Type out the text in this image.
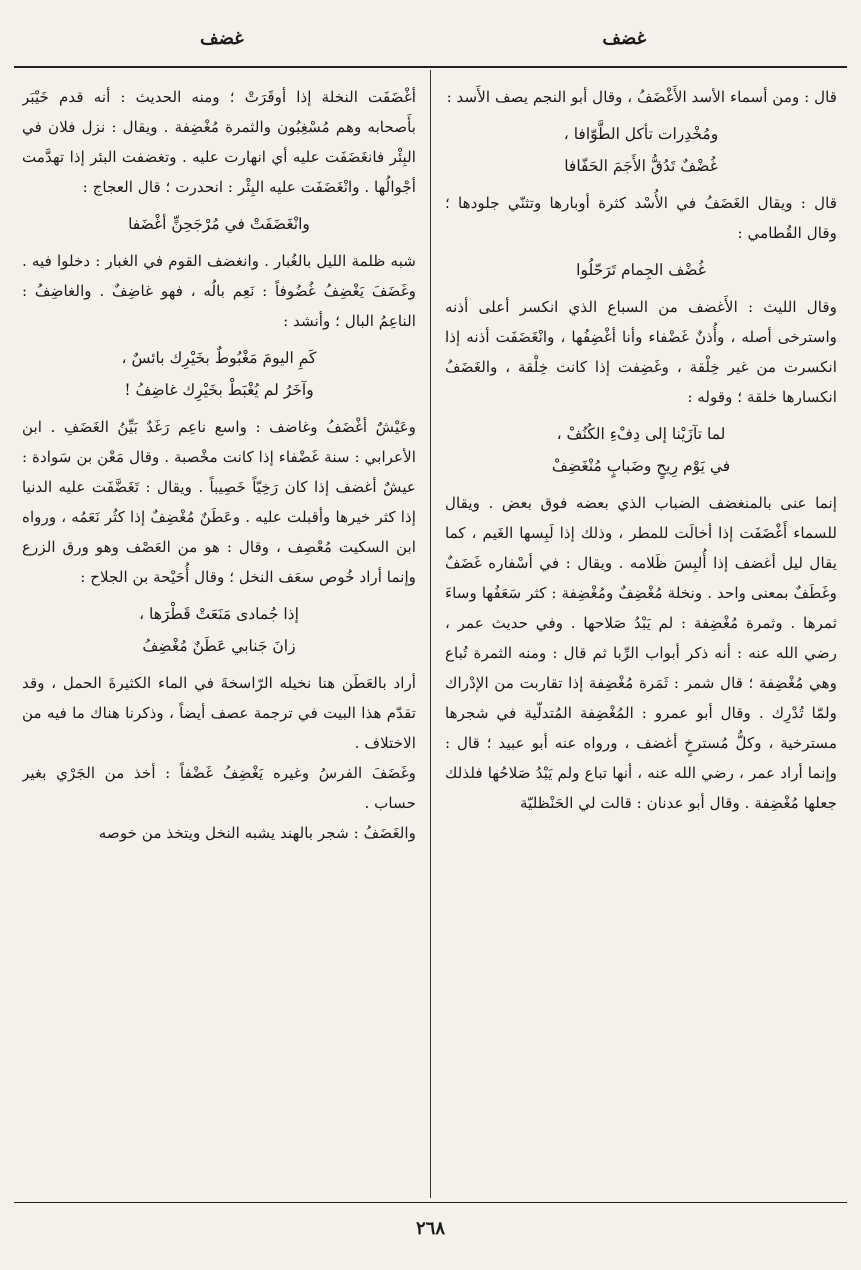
غضف
غضف

قال : ومن أسماء الأسد الأَغْضَفُ ، وقال أبو النجم يصف الأَسد :

ومُخْدِرات تأكل الطَّوّافا ،
غُضْفٌ تَدُقُّ الأَجَمَ الحَفّافا

قال : ويقال الغَضَفُ في الأُسْد كثرة أوبارها وتثنّي جلودها ؛ وقال القُطامي :

غُضْف الجِمام تَرَحّلُوا

وقال الليث : الأَغضف من السباع الذي انكسر أعلى أذنه واسترخى أصله ، وأُذنٌ غَضْفاء وأنا أغْضِفُها ، وانْغَضَفَت أذنه إذا انكسرت من غير خِلْقة ، وغَضِفت إذا كانت خِلْقة ، والغَضَفُ انكسارها خلقة ؛ وقوله :

لما تآزَيْنا إلى دِفْءِ الكُنُفْ ،
في يَوْم رِيحٍ وضَبابٍ مُنْغَضِفْ

إنما عنى بالمنغضف الضباب الذي بعضه فوق بعض . ويقال للسماء أَغْضَفَت إذا أخالَت للمطر ، وذلك إذا لَبِسها الغَيم ، كما يقال ليل أغضف إذا أُلبِسَ ظَلامه . ويقال : في أسْفاره غَضَفٌ وغَطَفٌ بمعنى واحد . ونخلة مُغْضِفٌ ومُغْضِفة : كثر سَعَفُها وساءَ ثمرها . وثمرة مُغْضِفة : لم يَبْدُ صَلاحها . وفي حديث عمر ، رضي الله عنه : أنه ذكر أبواب الرِّبا ثم قال : ومنه الثمرة تُباع وهي مُغْضِفة ؛ قال شمر : ثَمَرة مُغْضِفة إذا تقاربت من الإدْراك ولمّا تُدْرِك . وقال أبو عمرو : المُغْضِفة المُتدلّية في شجرها مسترخية ، وكلُّ مُسترخٍ أغضف ، ورواه عنه أبو عبيد ؛ قال : وإنما أراد عمر ، رضي الله عنه ، أنها تباع ولم يَبْدُ صَلاحُها فلذلك جعلها مُغْضِفة . وقال أبو عدنان : قالت لي الحَنْظليّة

أغْضَفَت النخلة إذا أوقَرَتْ ؛ ومنه الحديث : أنه قدم خَيْبَر بأَصحابه وهم مُسْغِبُون والثمرة مُغْضِفة . ويقال : نزل فلان في البِئْر فانغَضَفَت عليه أي انهارت عليه . وتغضفت البئر إذا تهدَّمت أجْوالُها . وانْغَضَفَت عليه البِئْر : انحدرت ؛ قال العجاج :

وانْغَضَفَتْ في مُرْجَحِنٍّ أغْضَفا

شبه ظلمة الليل بالغُبار . وانغضف القوم في الغبار : دخلوا فيه . وغَضَفَ يَغْضِفُ غُضُوفاً : نَعِم بالُه ، فهو غاضِفٌ . والغاضِفُ : الناعِمُ البال ؛ وأنشد :

كَمِ اليومَ مَغْبُوطٌ بخَيْرِك بائسٌ ،
وآخَرُ لم يُغْبَطْ بخَيْرِك غاضِفُ !

وعَيْشٌ أغْضَفُ وغاضف : واسع ناعِم رَغَدٌ بَيِّنُ الغَضَفِ . ابن الأعرابي : سنة غَضْفاء إذا كانت مخْصبة . وقال مَعْن بن سَوادة : عيشٌ أغضف إذا كان رَخِيّاً خَصِيباً . ويقال : تَغَضَّفَت عليه الدنيا إذا كثر خيرها وأقبلت عليه . وعَطَنٌ مُغْضِفٌ إذا كثُر نَعَمُه ، ورواه ابن السكيت مُعْصِف ، وقال : هو من العَصْف وهو ورق الزرع وإنما أراد خُوص سعَف النخل ؛ وقال أُحَيْحة بن الجلاح :

إذا جُمادى مَنَعَتْ قَطْرَها ،
زانَ جَنابي عَطَنٌ مُغْضِفُ

أراد بالعَطَن هنا نخيله الرّاسخةَ في الماء الكثيرةَ الحمل ، وقد تقدّم هذا البيت في ترجمة عصف أيضاً ، وذكرنا هناك ما فيه من الاختلاف .

وغَضَفَ الفرسُ وغيره يَغْضِفُ غَضْفاً : أخذ من الجَرْي بغير حساب .

والغَضَفُ : شجر بالهند يشبه النخل ويتخذ من خوصه

٢٦٨
